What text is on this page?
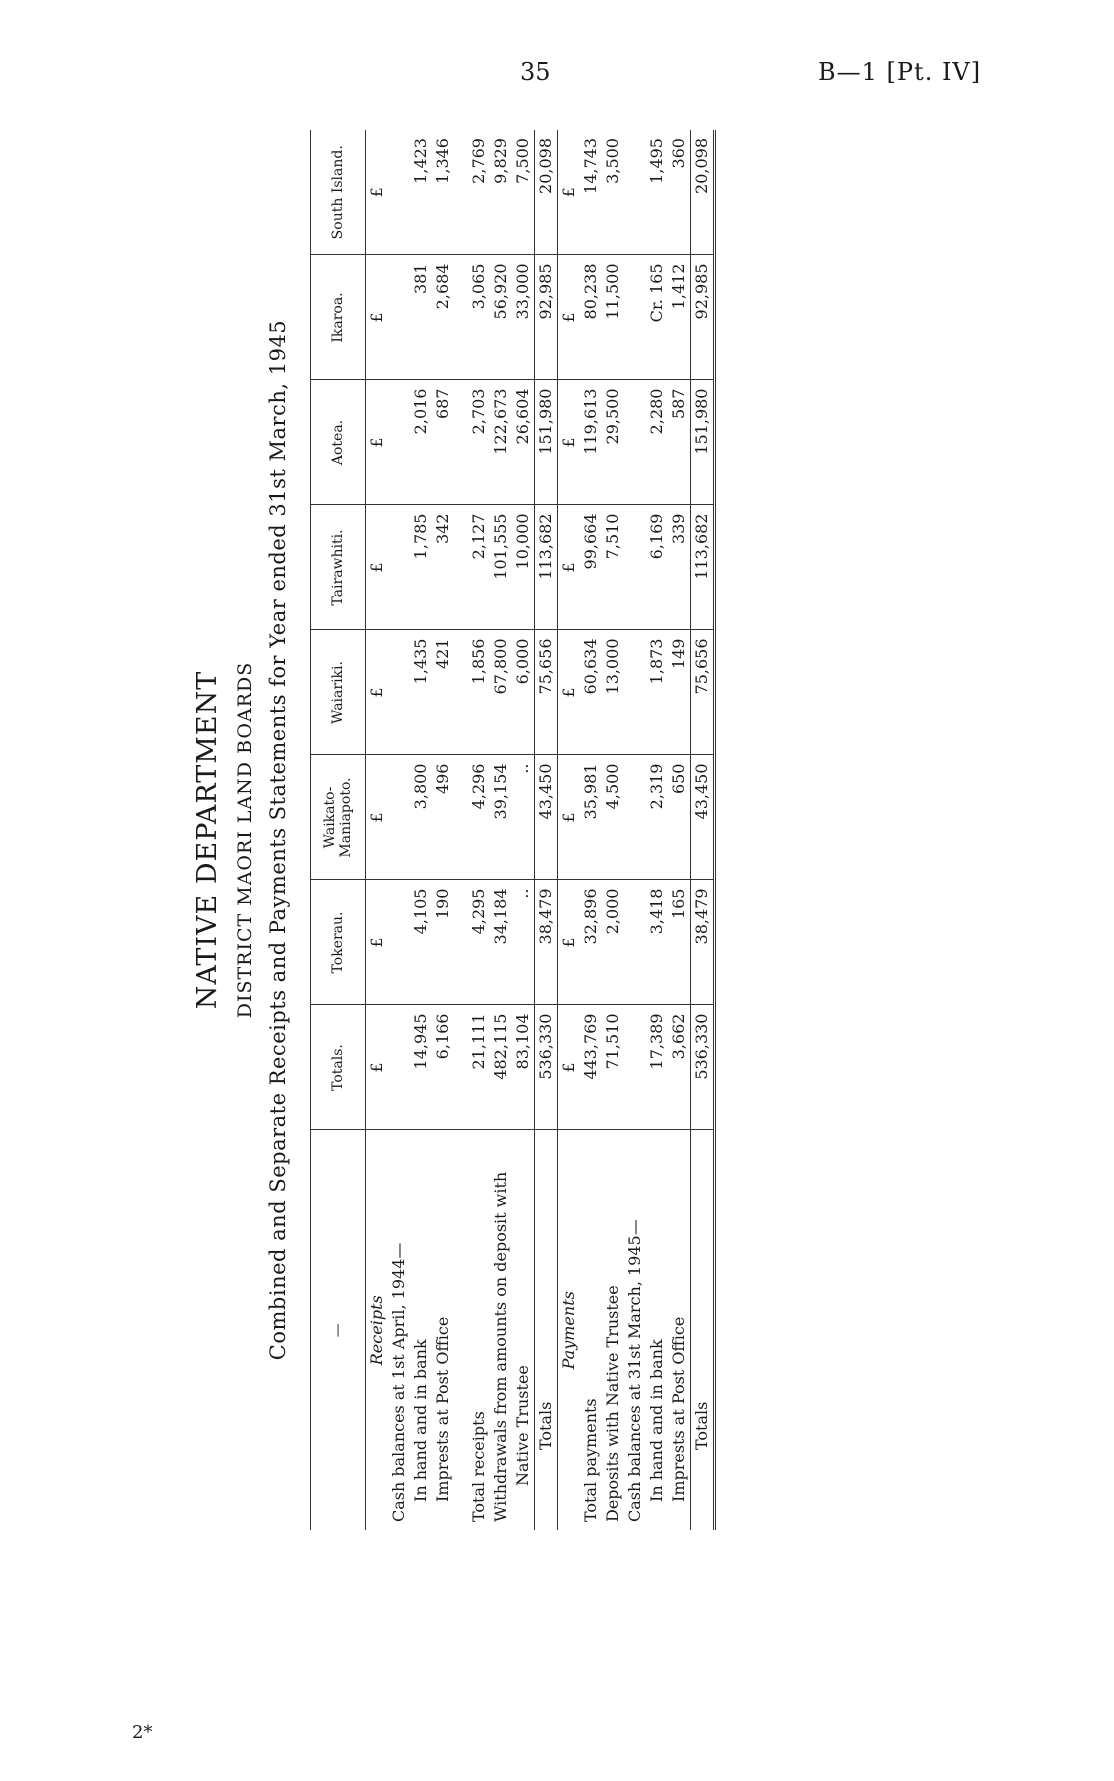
35	B—1 [Pt. IV]
NATIVE DEPARTMENT DISTRICT MAORI LAND BOARDS Combined and Separate Receipts and Payments Statements for Year ended 31st March, 1945	—	Totals.	Tokerau.	Waikato-Maniapoto.	Waiariki.	Tairawhiti.	Aotea.	Ikaroa.	South Island.
Receipts	£	£	£	£	£	£	£	£
Cash balances at 1st April, 1944—								
In hand and in bank	14,945	4,105	3,800	1,435	1,785	2,016	381	1,423
Imprests at Post Office	6,166	190	496	421	342	687	2,684	1,346

Total receipts	21,111	4,295	4,296	1,856	2,127	2,703	3,065	2,769
Withdrawals from amounts on deposit with	482,115	34,184	39,154	67,800	101,555	122,673	56,920	9,829
Native Trustee	83,104	..	..	6,000	10,000	26,604	33,000	7,500
Totals	536,330	38,479	43,450	75,656	113,682	151,980	92,985	20,098
Payments	£	£	£	£	£	£	£	£
Total payments	443,769	32,896	35,981	60,634	99,664	119,613	80,238	14,743
Deposits with Native Trustee	71,510	2,000	4,500	13,000	7,510	29,500	11,500	3,500
Cash balances at 31st March, 1945—								
In hand and in bank	17,389	3,418	2,319	1,873	6,169	2,280	Cr. 165	1,495
Imprests at Post Office	3,662	165	650	149	339	587	1,412	360
Totals	536,330	38,479	43,450	75,656	113,682	151,980	92,985	20,098
2*
